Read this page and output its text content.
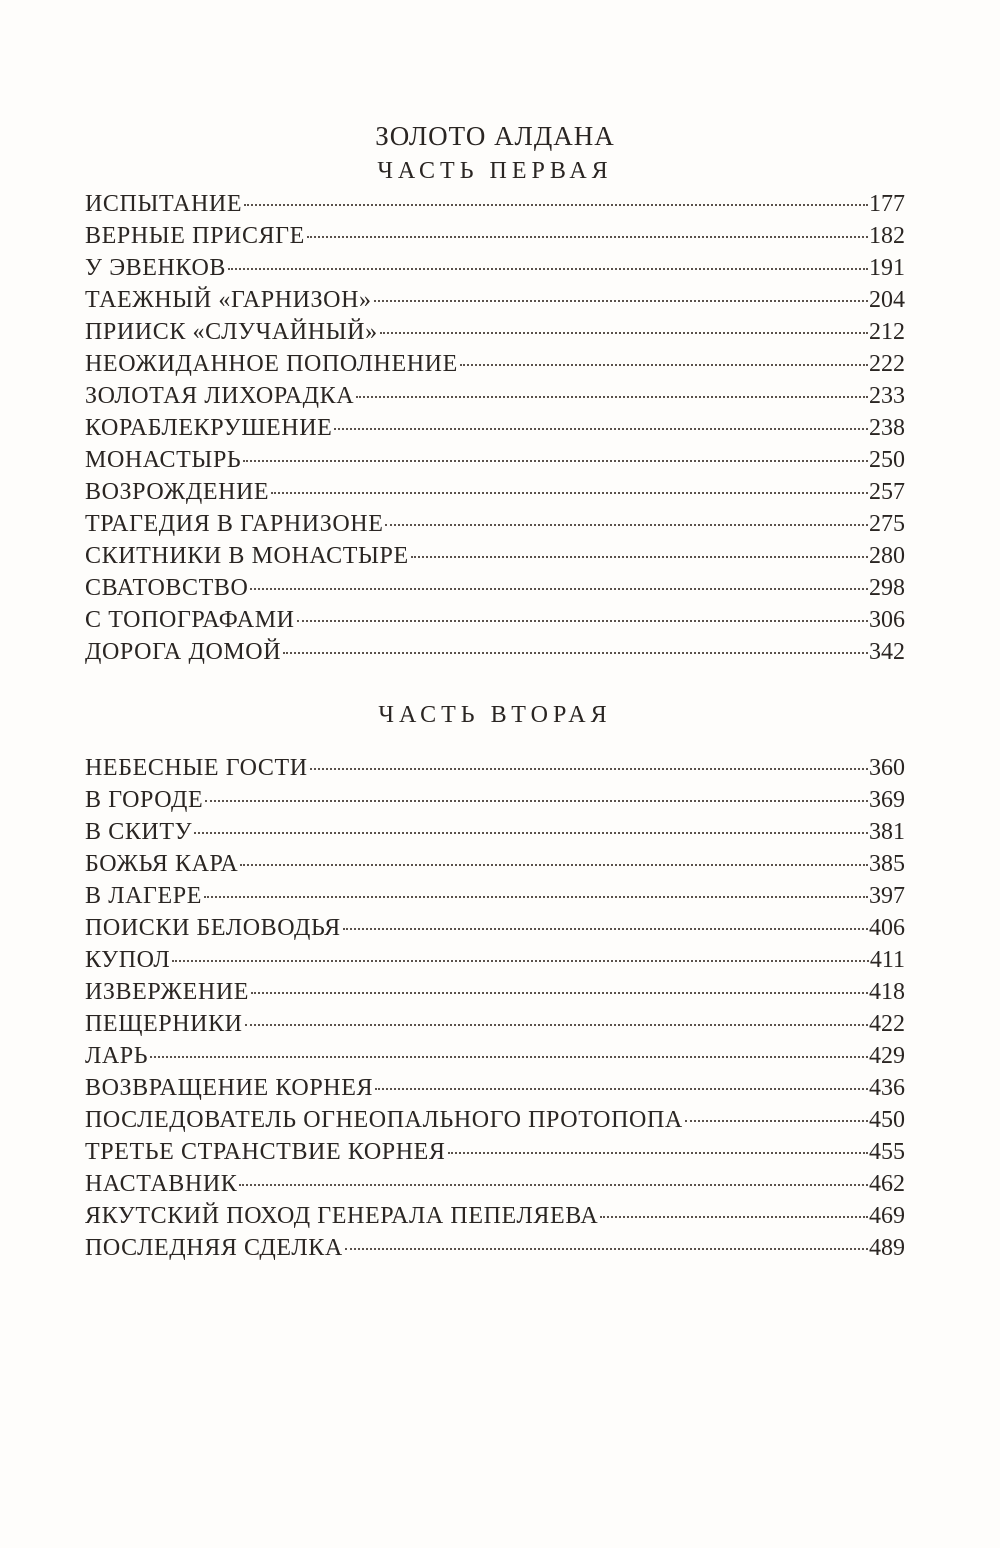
ЗОЛОТО АЛДАНА
ЧАСТЬ ПЕРВАЯ
ИСПЫТАНИЕ	177
ВЕРНЫЕ ПРИСЯГЕ	182
У ЭВЕНКОВ	191
ТАЕЖНЫЙ «ГАРНИЗОН»	204
ПРИИСК «СЛУЧАЙНЫЙ»	212
НЕОЖИДАННОЕ ПОПОЛНЕНИЕ	222
ЗОЛОТАЯ ЛИХОРАДКА	233
КОРАБЛЕКРУШЕНИЕ	238
МОНАСТЫРЬ	250
ВОЗРОЖДЕНИЕ	257
ТРАГЕДИЯ В ГАРНИЗОНЕ	275
СКИТНИКИ В МОНАСТЫРЕ	280
СВАТОВСТВО	298
С ТОПОГРАФАМИ	306
ДОРОГА ДОМОЙ	342
ЧАСТЬ ВТОРАЯ
НЕБЕСНЫЕ ГОСТИ	360
В ГОРОДЕ	369
В СКИТУ	381
БОЖЬЯ КАРА	385
В ЛАГЕРЕ	397
ПОИСКИ БЕЛОВОДЬЯ	406
КУПОЛ	411
ИЗВЕРЖЕНИЕ	418
ПЕЩЕРНИКИ	422
ЛАРЬ	429
ВОЗВРАЩЕНИЕ КОРНЕЯ	436
ПОСЛЕДОВАТЕЛЬ ОГНЕОПАЛЬНОГО ПРОТОПОПА	450
ТРЕТЬЕ СТРАНСТВИЕ КОРНЕЯ	455
НАСТАВНИК	462
ЯКУТСКИЙ ПОХОД ГЕНЕРАЛА ПЕПЕЛЯЕВА	469
ПОСЛЕДНЯЯ СДЕЛКА	489
